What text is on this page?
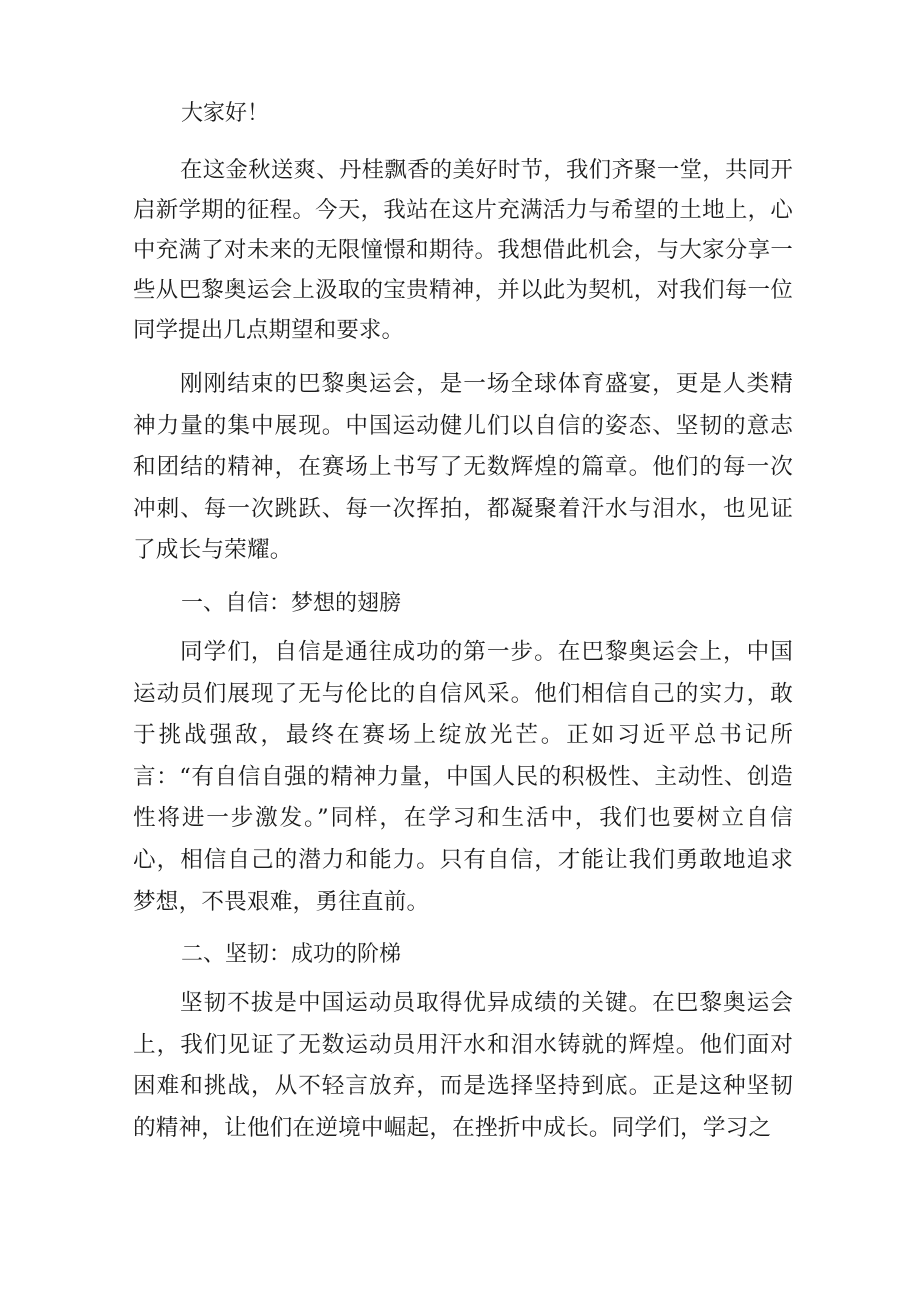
大家好！

在这金秋送爽、丹桂飘香的美好时节，我们齐聚一堂，共同开启新学期的征程。今天，我站在这片充满活力与希望的土地上，心中充满了对未来的无限憧憬和期待。我想借此机会，与大家分享一些从巴黎奥运会上汲取的宝贵精神，并以此为契机，对我们每一位同学提出几点期望和要求。

刚刚结束的巴黎奥运会，是一场全球体育盛宴，更是人类精神力量的集中展现。中国运动健儿们以自信的姿态、坚韧的意志和团结的精神，在赛场上书写了无数辉煌的篇章。他们的每一次冲刺、每一次跳跃、每一次挥拍，都凝聚着汗水与泪水，也见证了成长与荣耀。

一、自信：梦想的翅膀

同学们，自信是通往成功的第一步。在巴黎奥运会上，中国运动员们展现了无与伦比的自信风采。他们相信自己的实力，敢于挑战强敌，最终在赛场上绽放光芒。正如习近平总书记所言：“有自信自强的精神力量，中国人民的积极性、主动性、创造性将进一步激发。”同样，在学习和生活中，我们也要树立自信心，相信自己的潜力和能力。只有自信，才能让我们勇敢地追求梦想，不畏艰难，勇往直前。

二、坚韧：成功的阶梯

坚韧不拔是中国运动员取得优异成绩的关键。在巴黎奥运会上，我们见证了无数运动员用汗水和泪水铸就的辉煌。他们面对困难和挑战，从不轻言放弃，而是选择坚持到底。正是这种坚韧的精神，让他们在逆境中崛起，在挫折中成长。同学们，学习之
